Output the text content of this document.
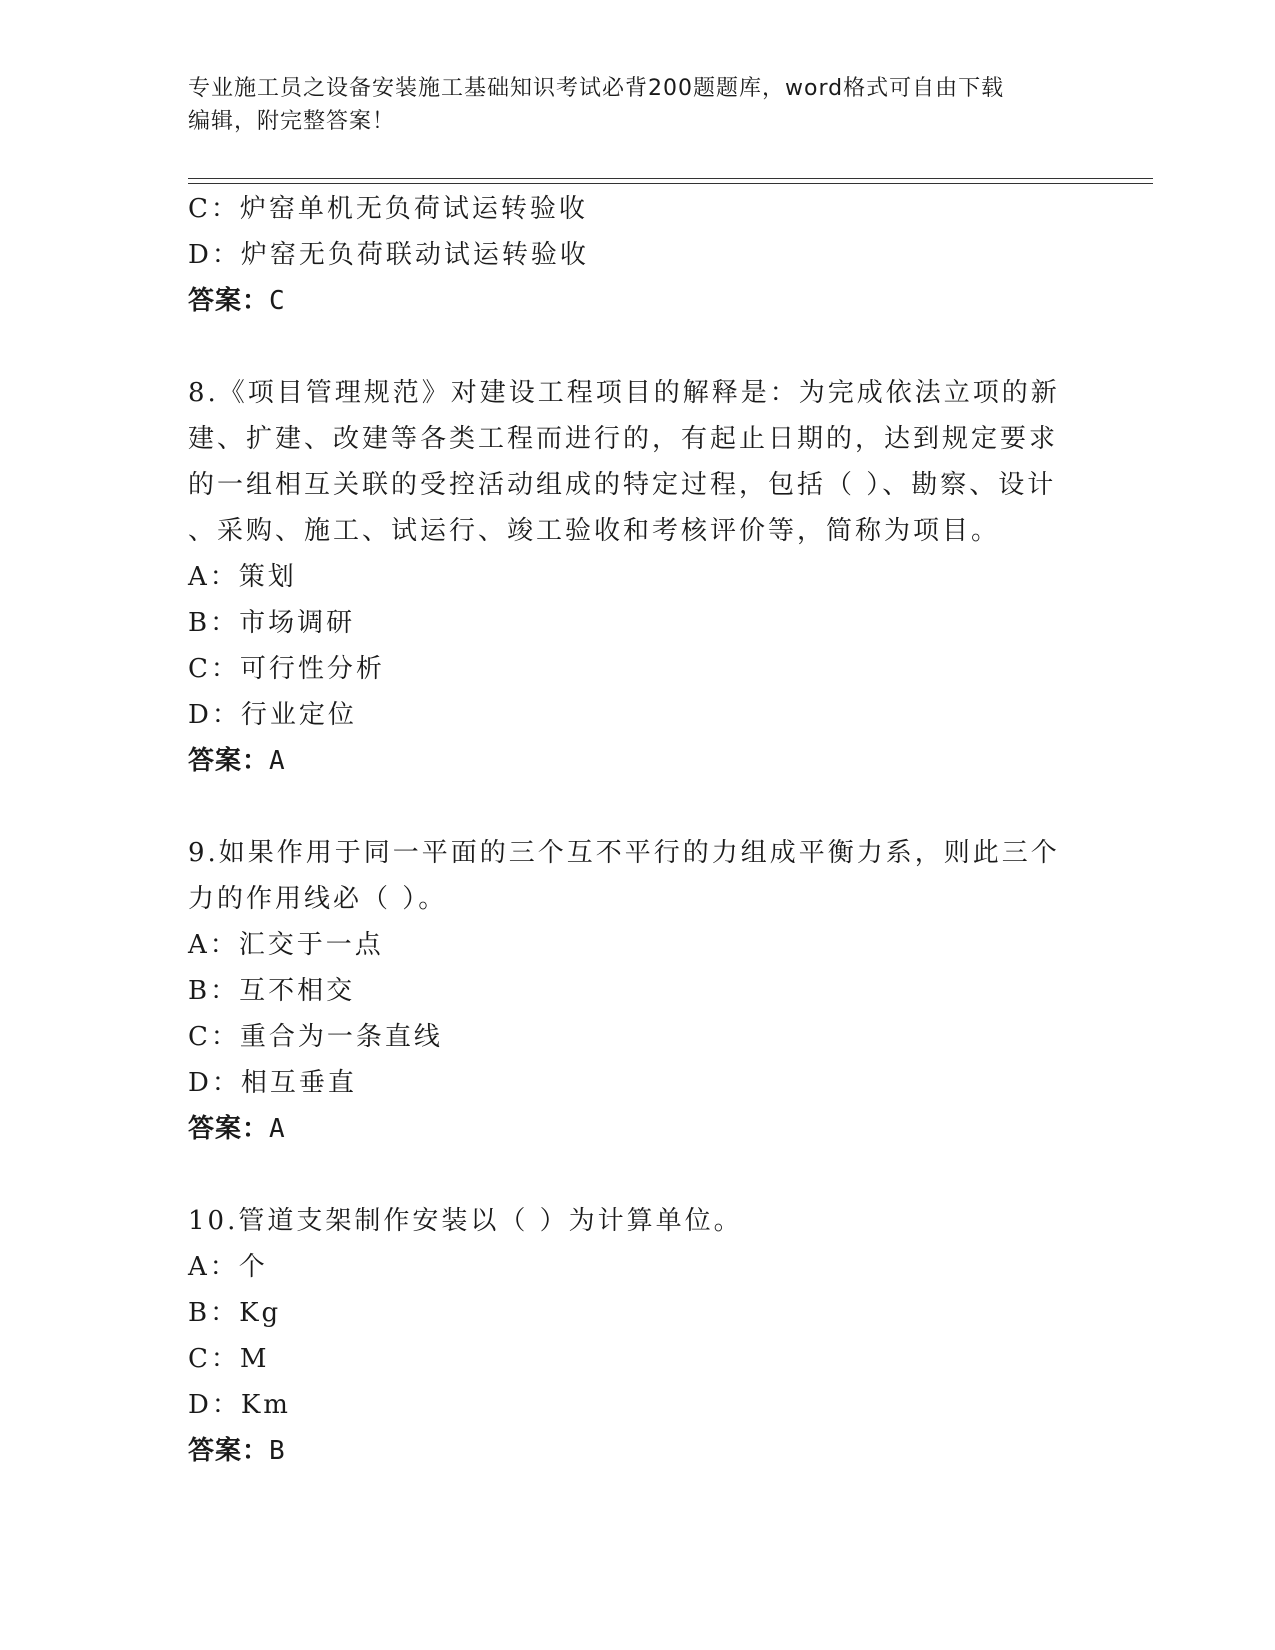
专业施工员之设备安装施工基础知识考试必背200题题库，word格式可自由下载
编辑，附完整答案！
C：炉窑单机无负荷试运转验收
D：炉窑无负荷联动试运转验收
答案：C
8.《项目管理规范》对建设工程项目的解释是：为完成依法立项的新
建、扩建、改建等各类工程而进行的，有起止日期的，达到规定要求
的一组相互关联的受控活动组成的特定过程，包括（ ）、勘察、设计
、采购、施工、试运行、竣工验收和考核评价等，简称为项目。
A：策划
B：市场调研
C：可行性分析
D：行业定位
答案：A
9.如果作用于同一平面的三个互不平行的力组成平衡力系，则此三个
力的作用线必（ ）。
A：汇交于一点
B：互不相交
C：重合为一条直线
D：相互垂直
答案：A
10.管道支架制作安装以（ ）为计算单位。
A：个
B：Kg
C：M
D：Km
答案：B
